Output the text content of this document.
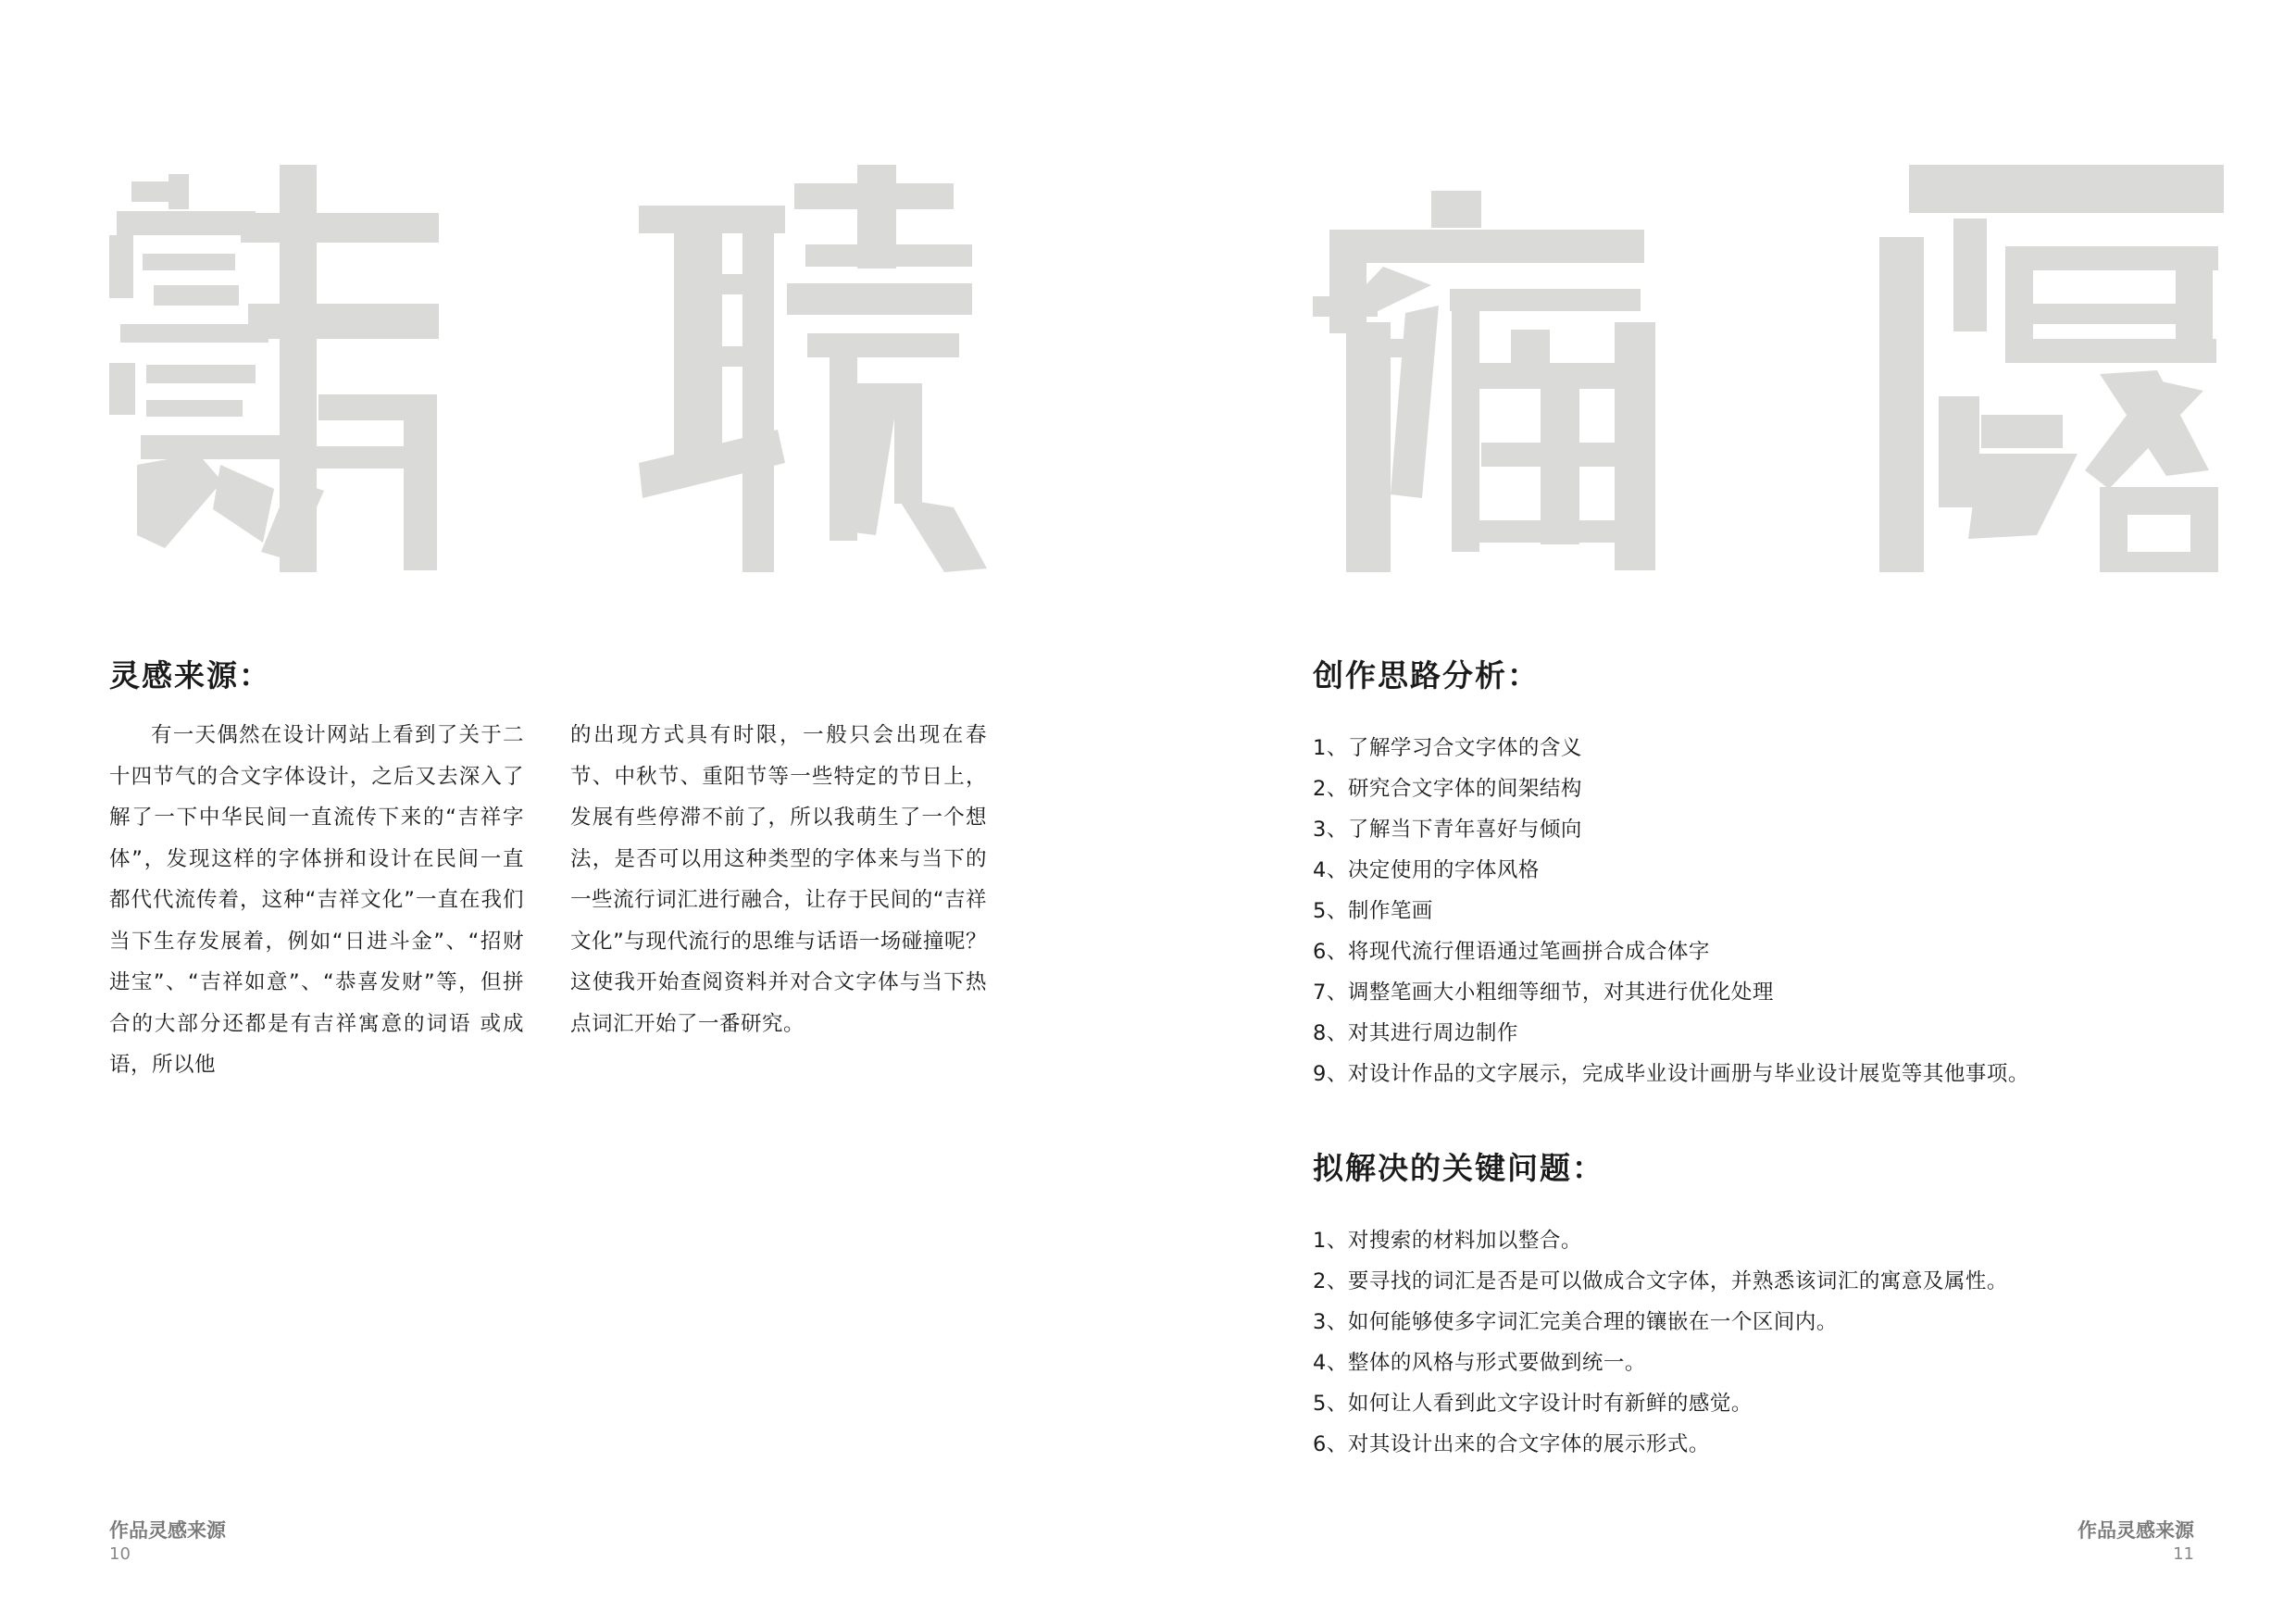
灵感来源：

有一天偶然在设计网站上看到了关于二十四节气的合文字体设计，之后又去深入了解了一下中华民间一直流传下来的“吉祥字体”，发现这样的字体拼和设计在民间一直都代代流传着，这种“吉祥文化”一直在我们当下生存发展着，例如“日进斗金”、“招财进宝”、“吉祥如意”、“恭喜发财”等，但拼合的大部分还都是有吉祥寓意的词语 或成语，所以他

的出现方式具有时限，一般只会出现在春节、中秋节、重阳节等一些特定的节日上，发展有些停滞不前了，所以我萌生了一个想法，是否可以用这种类型的字体来与当下的一些流行词汇进行融合，让存于民间的“吉祥文化”与现代流行的思维与话语一场碰撞呢？这使我开始查阅资料并对合文字体与当下热点词汇开始了一番研究。

作品灵感来源
10
创作思路分析：
1、了解学习合文字体的含义
2、研究合文字体的间架结构
3、了解当下青年喜好与倾向
4、决定使用的字体风格
5、制作笔画
6、将现代流行俚语通过笔画拼合成合体字
7、调整笔画大小粗细等细节，对其进行优化处理
8、对其进行周边制作
9、对设计作品的文字展示，完成毕业设计画册与毕业设计展览等其他事项。
拟解决的关键问题：
1、对搜索的材料加以整合。
2、要寻找的词汇是否是可以做成合文字体，并熟悉该词汇的寓意及属性。
3、如何能够使多字词汇完美合理的镶嵌在一个区间内。
4、整体的风格与形式要做到统一。
5、如何让人看到此文字设计时有新鲜的感觉。
6、对其设计出来的合文字体的展示形式。
作品灵感来源
11
